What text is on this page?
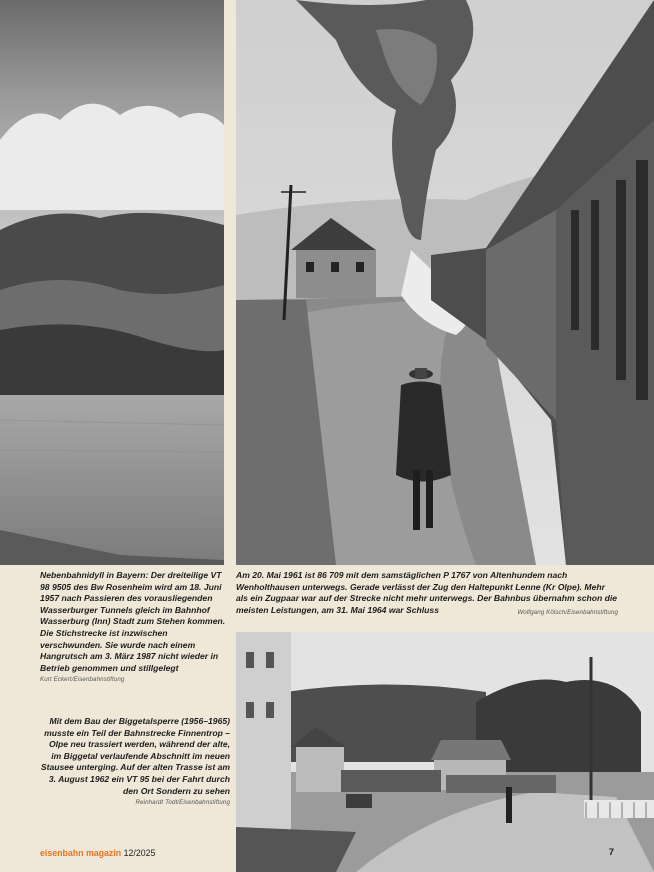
Nebenbahnidyll in Bayern: Der dreiteilige VT 98 9505 des Bw Rosenheim wird am 18. Juni 1957 nach Passieren des vorausliegenden Wasserburger Tunnels gleich im Bahnhof Wasserburg (Inn) Stadt zum Stehen kommen. Die Stichstrecke ist inzwischen verschwunden. Sie wurde nach einem Hangrutsch am 3. März 1987 nicht wieder in Betrieb genommen und stillgelegt
Kurt Eckert/Eisenbahnstiftung
Am 20. Mai 1961 ist 86 709 mit dem samstäglichen P 1767 von Altenhundem nach Wenholthausen unterwegs. Gerade verlässt der Zug den Haltepunkt Lenne (Kr Olpe). Mehr als ein Zugpaar war auf der Strecke nicht mehr unterwegs. Der Bahnbus übernahm schon die meisten Leistungen, am 31. Mai 1964 war Schluss	Wolfgang Kölsch/Eisenbahnstiftung
Mit dem Bau der Biggetalsperre (1956–1965) musste ein Teil der Bahnstrecke Finnentrop – Olpe neu trassiert werden, während der alte, im Biggetal verlaufende Abschnitt im neuen Stausee unterging. Auf der alten Trasse ist am 3. August 1962 ein VT 95 bei der Fahrt durch den Ort Sondern zu sehen
Reinhardt Todt/Eisenbahnstiftung
eisenbahn magazin 12/2025	7
